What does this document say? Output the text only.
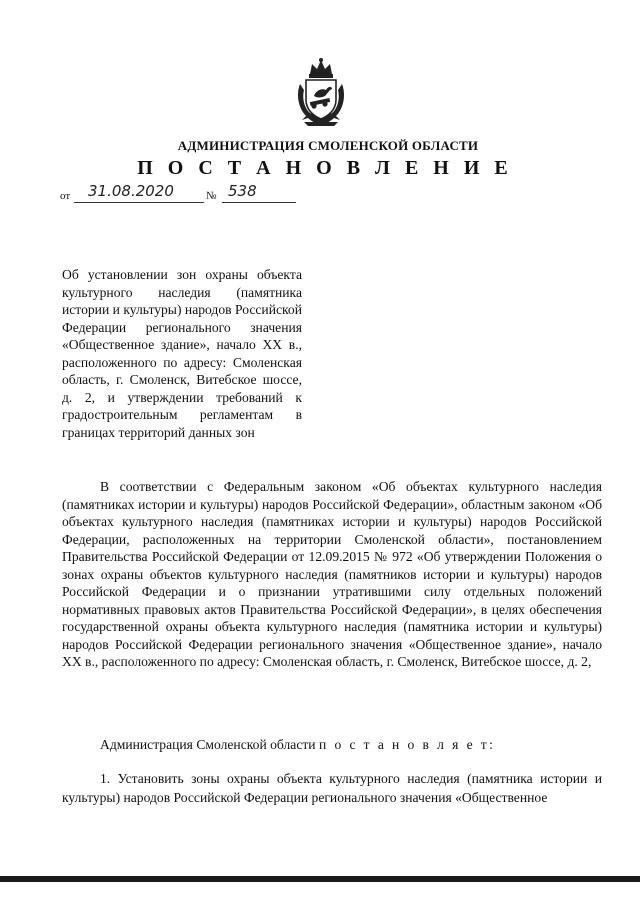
АДМИНИСТРАЦИЯ СМОЛЕНСКОЙ ОБЛАСТИ
П О С Т А Н О В Л Е Н И Е
от 31.08.2020	№ 538

Об установлении зон охраны объекта культурного наследия (памятника истории и культуры) народов Российской Федерации регионального значения «Общественное здание», начало XX в., расположенного по адресу: Смоленская область, г. Смоленск, Витебское шоссе, д. 2, и утверждении требований к градостроительным регламентам в границах территорий данных зон

В соответствии с Федеральным законом «Об объектах культурного наследия (памятниках истории и культуры) народов Российской Федерации», областным законом «Об объектах культурного наследия (памятниках истории и культуры) народов Российской Федерации, расположенных на территории Смоленской области», постановлением Правительства Российской Федерации от 12.09.2015 № 972 «Об утверждении Положения о зонах охраны объектов культурного наследия (памятников истории и культуры) народов Российской Федерации и о признании утратившими силу отдельных положений нормативных правовых актов Правительства Российской Федерации», в целях обеспечения государственной охраны объекта культурного наследия (памятника истории и культуры) народов Российской Федерации регионального значения «Общественное здание», начало XX в., расположенного по адресу: Смоленская область, г. Смоленск, Витебское шоссе, д. 2,

Администрация Смоленской области п о с т а н о в л я е т:

1. Установить зоны охраны объекта культурного наследия (памятника истории и культуры) народов Российской Федерации регионального значения «Общественное
